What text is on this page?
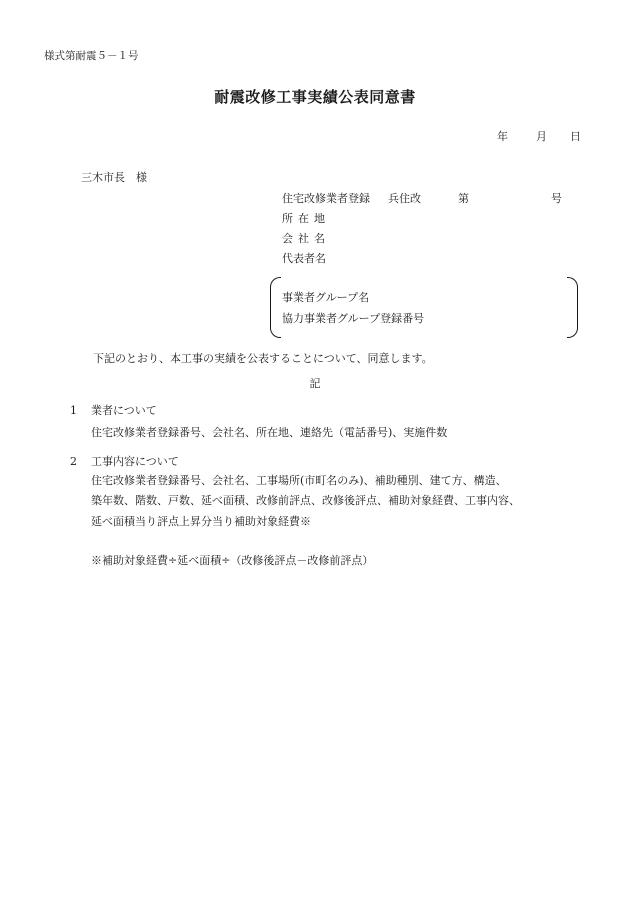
様式第耐震５－１号
耐震改修工事実績公表同意書
年	月 日
三木市長　様
住宅改修業者登録 兵住改	第	号
所在地
会社名
代表者名
事業者グループ名
協力事業者グループ登録番号
下記のとおり、本工事の実績を公表することについて、同意します。
記
1 業者について
住宅改修業者登録番号、会社名、所在地、連絡先（電話番号)、実施件数
2 工事内容について
住宅改修業者登録番号、会社名、工事場所(市町名のみ)、補助種別、建て方、構造、
築年数、階数、戸数、延べ面積、改修前評点、改修後評点、補助対象経費、工事内容、
延べ面積当り評点上昇分当り補助対象経費※
※補助対象経費÷延べ面積÷（改修後評点－改修前評点）
